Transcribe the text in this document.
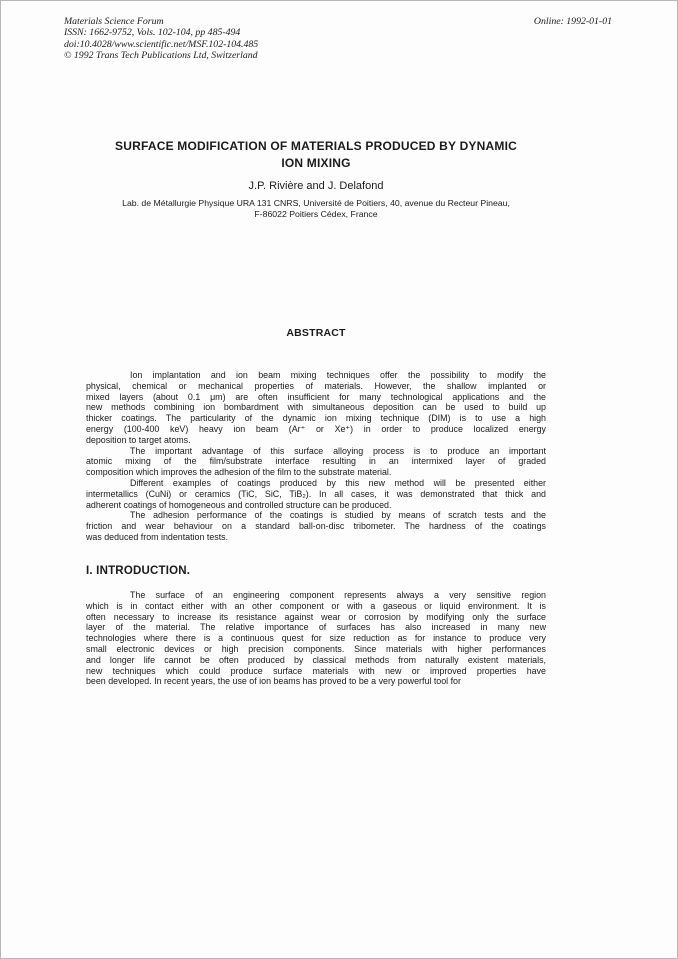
Materials Science Forum
ISSN: 1662-9752, Vols. 102-104, pp 485-494
doi:10.4028/www.scientific.net/MSF.102-104.485
© 1992 Trans Tech Publications Ltd, Switzerland
Online: 1992-01-01
SURFACE MODIFICATION OF MATERIALS PRODUCED BY DYNAMIC
ION MIXING
J.P. Rivière and J. Delafond
Lab. de Métallurgie Physique URA 131 CNRS, Université de Poitiers, 40, avenue du Recteur Pineau,
F-86022 Poitiers Cédex, France
ABSTRACT
Ion implantation and ion beam mixing techniques offer the possibility to modify the
physical, chemical or mechanical properties of materials. However, the shallow implanted or
mixed layers (about 0.1 μm) are often insufficient for many technological applications and the
new methods combining ion bombardment with simultaneous deposition can be used to build up
thicker coatings. The particularity of the dynamic ion mixing technique (DIM) is to use a high
energy (100-400 keV) heavy ion beam (Ar⁺ or Xe⁺) in order to produce localized energy
deposition to target atoms.
The important advantage of this surface alloying process is to produce an important
atomic mixing of the film/substrate interface resulting in an intermixed layer of graded
composition which improves the adhesion of the film to the substrate material.
Different examples of coatings produced by this new method will be presented either
intermetallics (CuNi) or ceramics (TiC, SiC, TiB₂). In all cases, it was demonstrated that thick and
adherent coatings of homogeneous and controlled structure can be produced.
The adhesion performance of the coatings is studied by means of scratch tests and the
friction and wear behaviour on a standard ball-on-disc tribometer. The hardness of the coatings
was deduced from indentation tests.
I. INTRODUCTION.
The surface of an engineering component represents always a very sensitive region
which is in contact either with an other component or with a gaseous or liquid environment. It is
often necessary to increase its resistance against wear or corrosion by modifying only the surface
layer of the material. The relative importance of surfaces has also increased in many new
technologies where there is a continuous quest for size reduction as for instance to produce very
small electronic devices or high precision components. Since materials with higher performances
and longer life cannot be often produced by classical methods from naturally existent materials,
new techniques which could produce surface materials with new or improved properties have
been developed. In recent years, the use of ion beams has proved to be a very powerful tool for
